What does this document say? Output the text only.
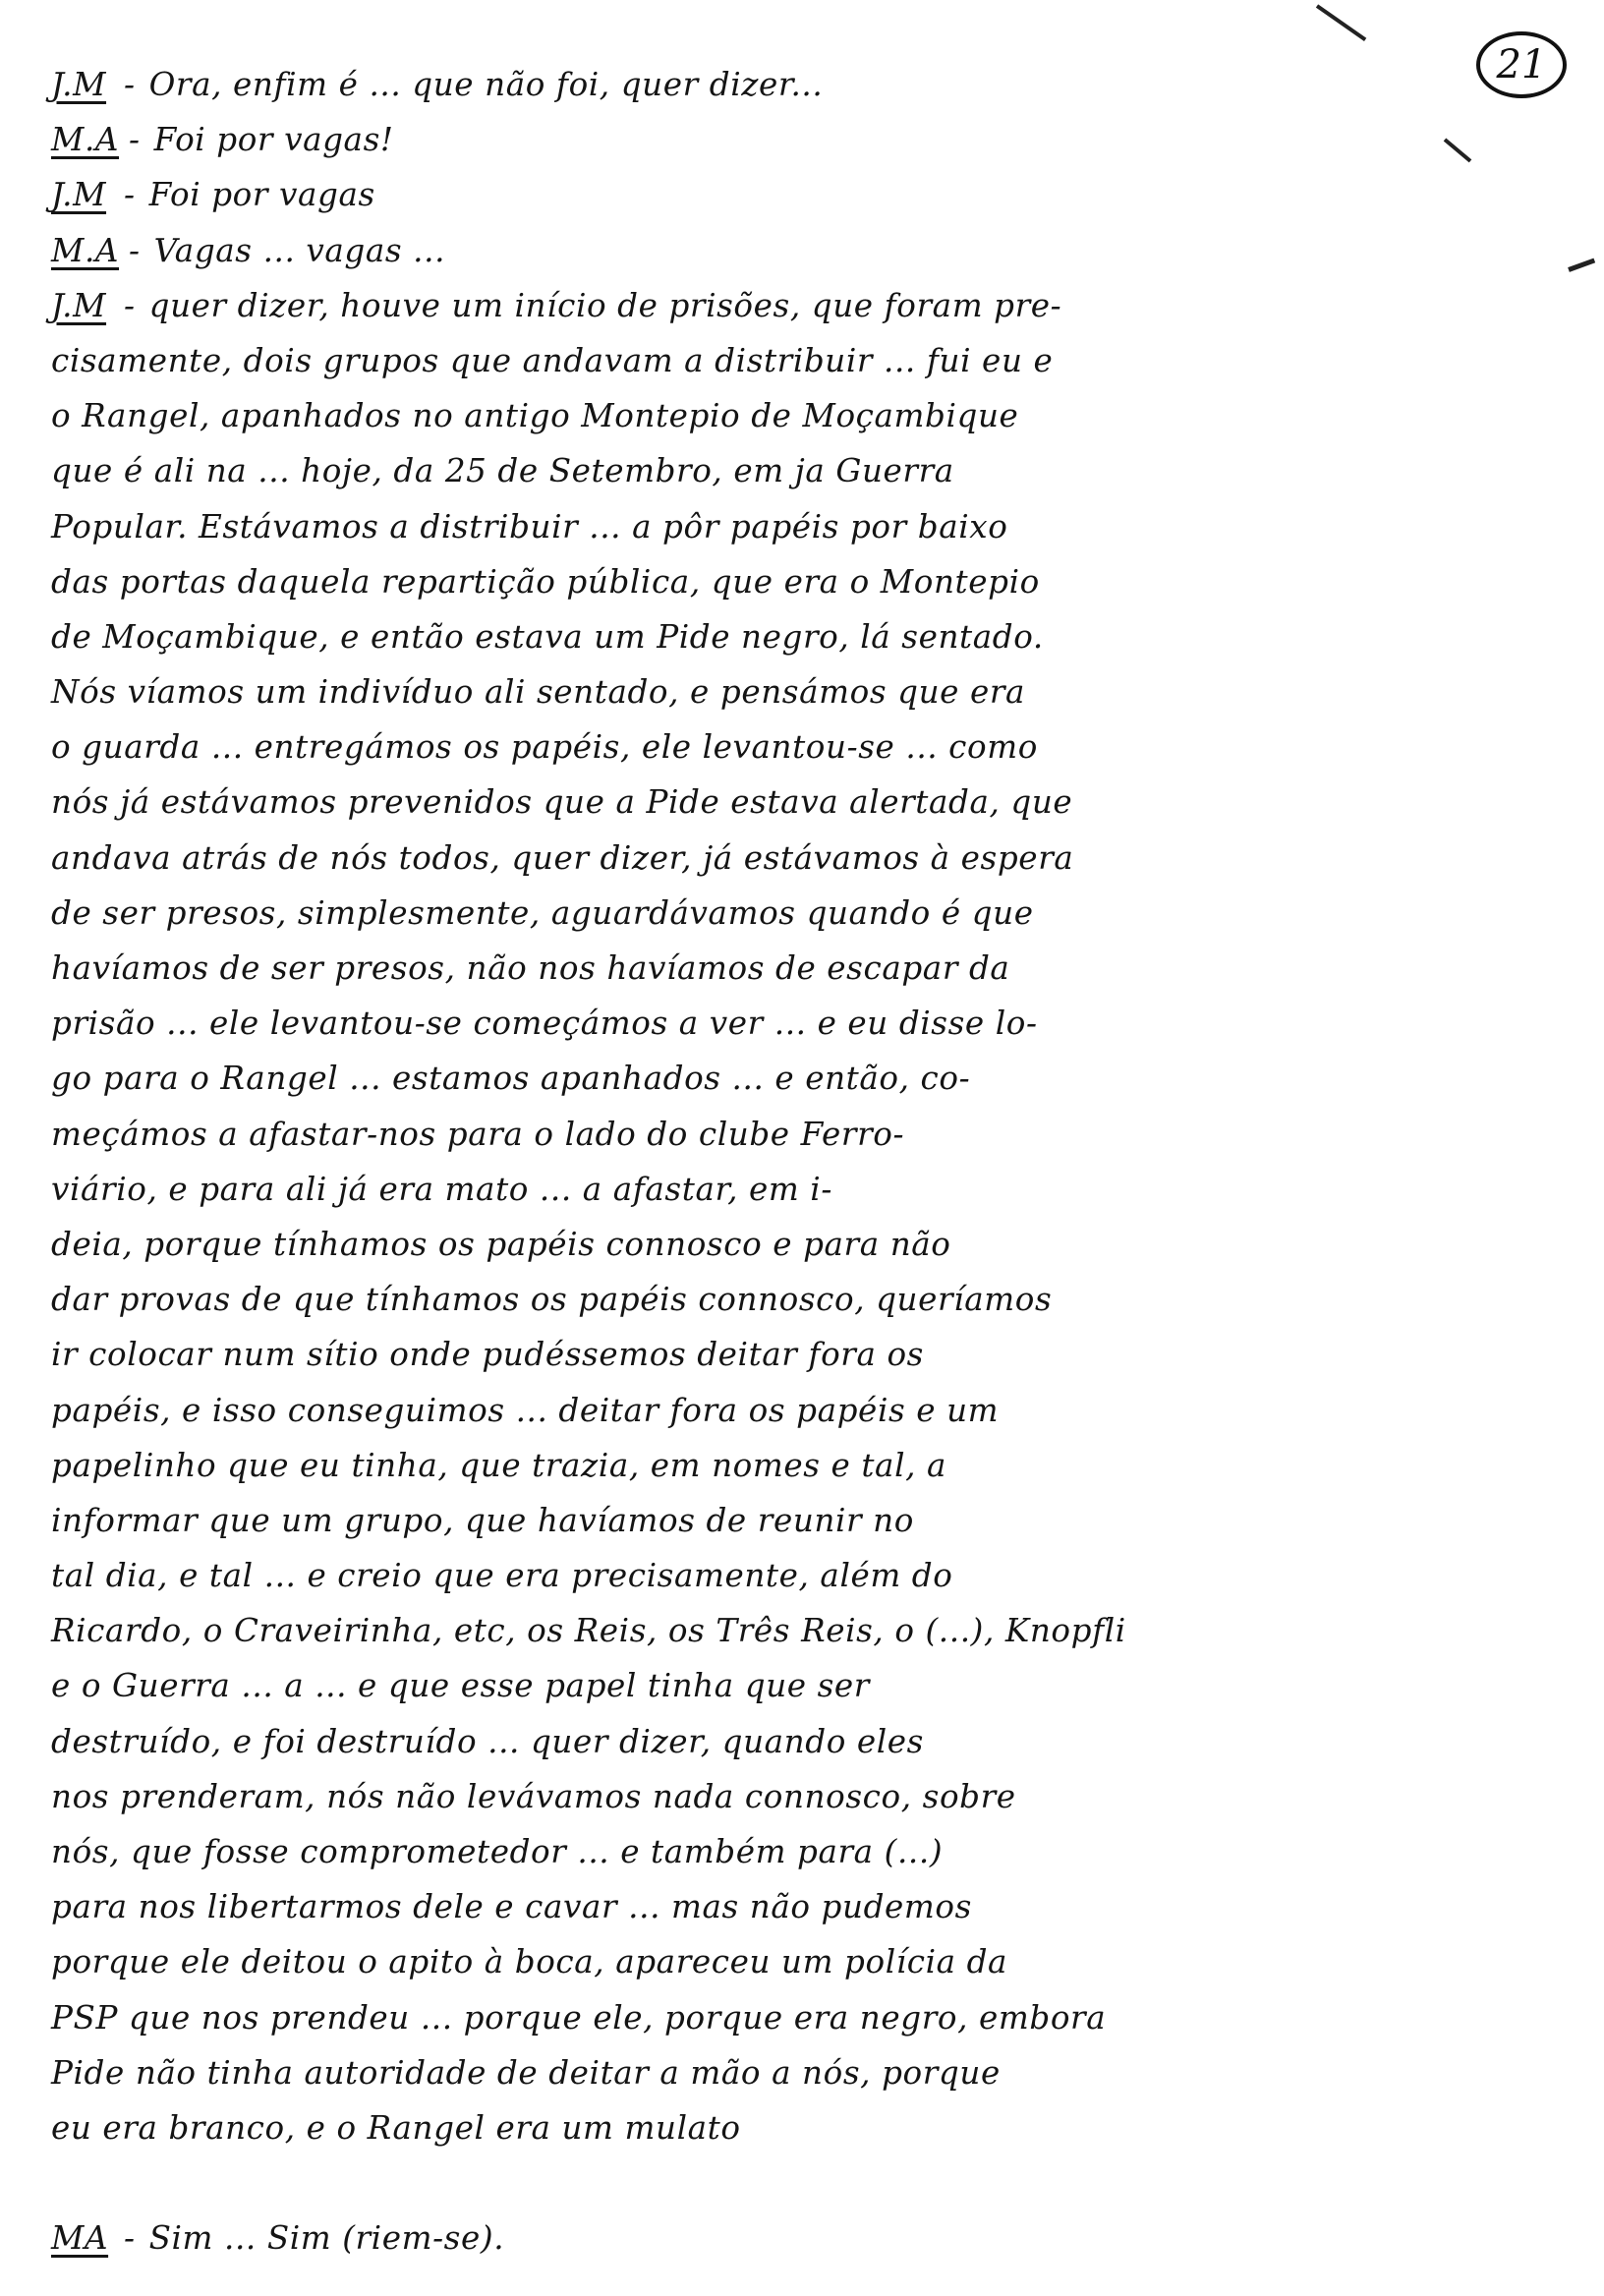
21
J.M - Ora, enfim é ... que não foi, quer dizer...
M.A - Foi por vagas!
J.M - Foi por vagas
M.A - Vagas ... vagas ...
J.M - quer dizer, houve um início de prisões, que foram pre-
cisamente, dois grupos que andavam a distribuir ... fui eu e
o Rangel, apanhados no antigo Montepio de Moçambique
que é ali na ... hoje, da 25 de Setembro, em ja Guerra
Popular. Estávamos a distribuir ... a pôr papéis por baixo
das portas daquela repartição pública, que era o Montepio
de Moçambique, e então estava um Pide negro, lá sentado.
Nós víamos um indivíduo ali sentado, e pensámos que era
o guarda ... entregámos os papéis, ele levantou-se ... como
nós já estávamos prevenidos que a Pide estava alertada, que
andava atrás de nós todos, quer dizer, já estávamos à espera
de ser presos, simplesmente, aguardávamos quando é que
havíamos de ser presos, não nos havíamos de escapar da
prisão ... ele levantou-se começámos a ver ... e eu disse lo-
go para o Rangel ... estamos apanhados ... e então, co-
meçámos a afastar-nos para o lado do clube Ferro-
viário, e para ali já era mato ... a afastar, em i-
deia, porque tínhamos os papéis connosco e para não
dar provas de que tínhamos os papéis connosco, queríamos
ir colocar num sítio onde pudéssemos deitar fora os
papéis, e isso conseguimos ... deitar fora os papéis e um
papelinho que eu tinha, que trazia, em nomes e tal, a
informar que um grupo, que havíamos de reunir no
tal dia, e tal ... e creio que era precisamente, além do
Ricardo, o Craveirinha, etc, os Reis, os Três Reis, o (...), Knopfli
e o Guerra ... a ... e que esse papel tinha que ser
destruído, e foi destruído ... quer dizer, quando eles
nos prenderam, nós não levávamos nada connosco, sobre
nós, que fosse comprometedor ... e também para (...)
para nos libertarmos dele e cavar ... mas não pudemos
porque ele deitou o apito à boca, apareceu um polícia da
PSP que nos prendeu ... porque ele, porque era negro, embora
Pide não tinha autoridade de deitar a mão a nós, porque
eu era branco, e o Rangel era um mulato
MA - Sim ... Sim (riem-se).
